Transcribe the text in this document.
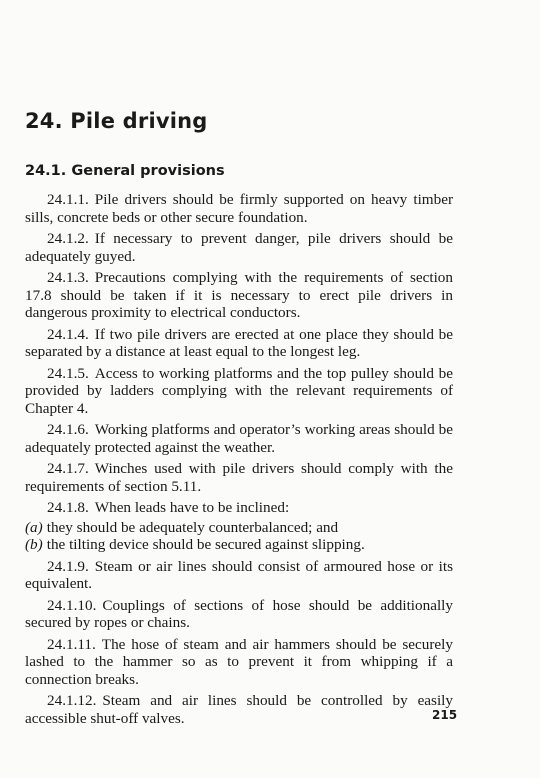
24. Pile driving
24.1. General provisions

24.1.1. Pile drivers should be firmly supported on heavy timber sills, concrete beds or other secure foundation.

24.1.2. If necessary to prevent danger, pile drivers should be adequately guyed.

24.1.3. Precautions complying with the requirements of section 17.8 should be taken if it is necessary to erect pile drivers in dangerous proximity to electrical conductors.

24.1.4. If two pile drivers are erected at one place they should be separated by a distance at least equal to the longest leg.

24.1.5. Access to working platforms and the top pulley should be provided by ladders complying with the relevant requirements of Chapter 4.

24.1.6. Working platforms and operator’s working areas should be adequately protected against the weather.

24.1.7. Winches used with pile drivers should comply with the requirements of section 5.11.

24.1.8. When leads have to be inclined:

(a) they should be adequately counterbalanced; and

(b) the tilting device should be secured against slipping.

24.1.9. Steam or air lines should consist of armoured hose or its equivalent.

24.1.10. Couplings of sections of hose should be additionally secured by ropes or chains.

24.1.11. The hose of steam and air hammers should be securely lashed to the hammer so as to prevent it from whipping if a connection breaks.

24.1.12. Steam and air lines should be controlled by easily accessible shut-off valves.	215
